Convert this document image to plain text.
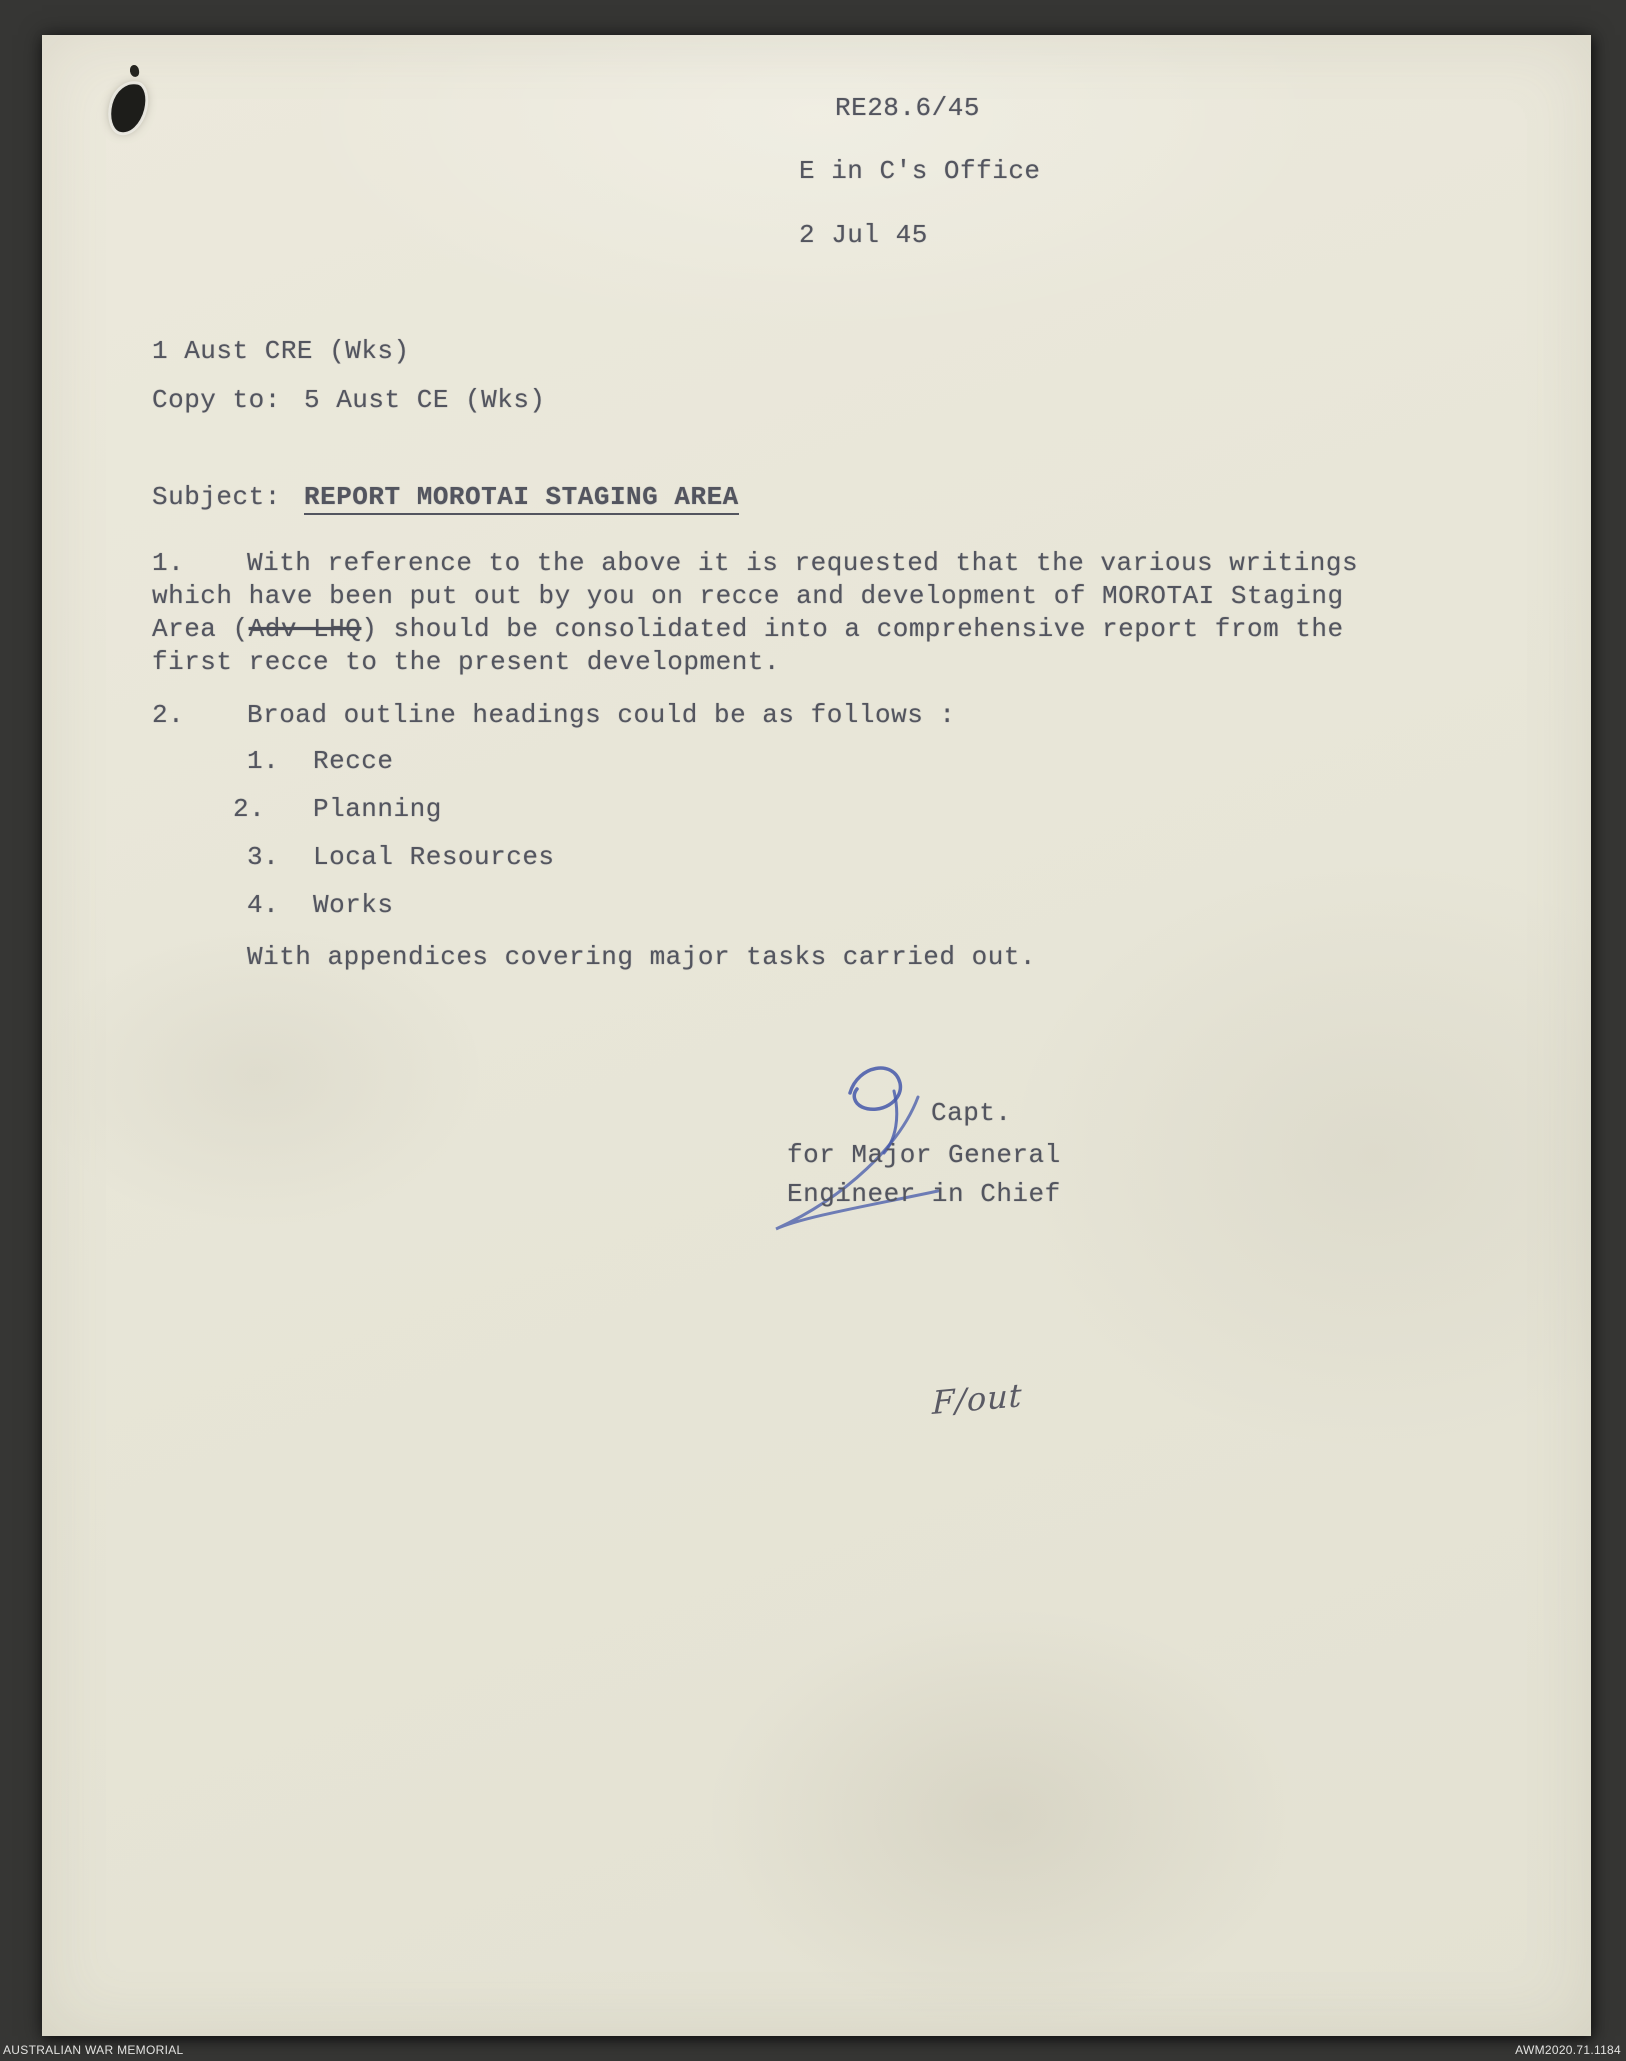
RE28.6/45
E in C's Office
2 Jul 45
1 Aust CRE (Wks)
Copy to: 5 Aust CE (Wks)
Subject: REPORT MOROTAI STAGING AREA
1. With reference to the above it is requested that the various writings
which have been put out by you on recce and development of MOROTAI Staging
Area (Adv LHQ) should be consolidated into a comprehensive report from the
first recce to the present development.
2. Broad outline headings could be as follows :
1. Recce
2. Planning
3. Local Resources
4. Works
With appendices covering major tasks carried out.
Capt.
for Major General
Engineer in Chief
F/out
AUSTRALIAN WAR MEMORIAL	AWM2020.71.1184
